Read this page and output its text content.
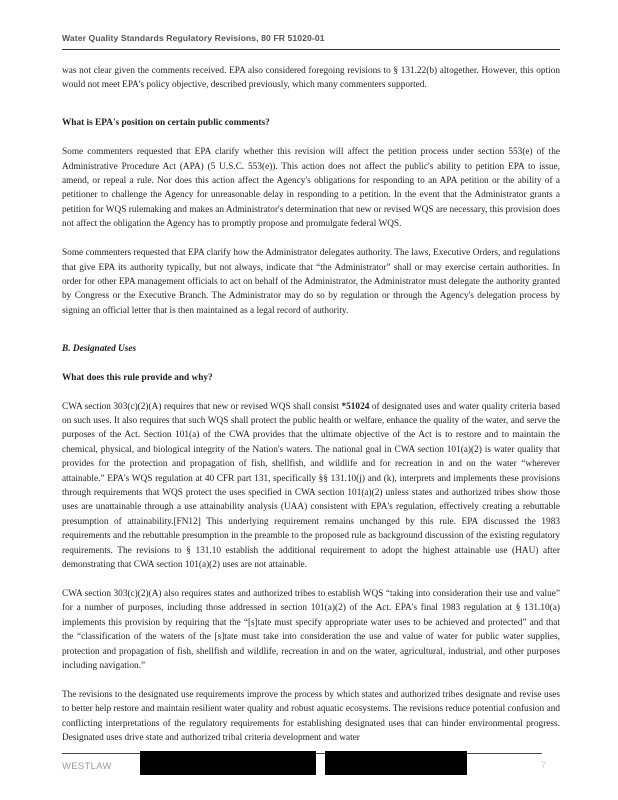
Water Quality Standards Regulatory Revisions, 80 FR 51020-01

was not clear given the comments received. EPA also considered foregoing revisions to § 131.22(b) altogether. However, this option would not meet EPA's policy objective, described previously, which many commenters supported.

What is EPA's position on certain public comments?

Some commenters requested that EPA clarify whether this revision will affect the petition process under section 553(e) of the Administrative Procedure Act (APA) (5 U.S.C. 553(e)). This action does not affect the public's ability to petition EPA to issue, amend, or repeal a rule. Nor does this action affect the Agency's obligations for responding to an APA petition or the ability of a petitioner to challenge the Agency for unreasonable delay in responding to a petition. In the event that the Administrator grants a petition for WQS rulemaking and makes an Administrator's determination that new or revised WQS are necessary, this provision does not affect the obligation the Agency has to promptly propose and promulgate federal WQS.

Some commenters requested that EPA clarify how the Administrator delegates authority. The laws, Executive Orders, and regulations that give EPA its authority typically, but not always, indicate that “the Administrator” shall or may exercise certain authorities. In order for other EPA management officials to act on behalf of the Administrator, the Administrator must delegate the authority granted by Congress or the Executive Branch. The Administrator may do so by regulation or through the Agency's delegation process by signing an official letter that is then maintained as a legal record of authority.

B. Designated Uses

What does this rule provide and why?

CWA section 303(c)(2)(A) requires that new or revised WQS shall consist *51024 of designated uses and water quality criteria based on such uses. It also requires that such WQS shall protect the public health or welfare, enhance the quality of the water, and serve the purposes of the Act. Section 101(a) of the CWA provides that the ultimate objective of the Act is to restore and to maintain the chemical, physical, and biological integrity of the Nation's waters. The national goal in CWA section 101(a)(2) is water quality that provides for the protection and propagation of fish, shellfish, and wildlife and for recreation in and on the water “wherever attainable.” EPA's WQS regulation at 40 CFR part 131, specifically §§ 131.10(j) and (k), interprets and implements these provisions through requirements that WQS protect the uses specified in CWA section 101(a)(2) unless states and authorized tribes show those uses are unattainable through a use attainability analysis (UAA) consistent with EPA's regulation, effectively creating a rebuttable presumption of attainability.[FN12] This underlying requirement remains unchanged by this rule. EPA discussed the 1983 requirements and the rebuttable presumption in the preamble to the proposed rule as background discussion of the existing regulatory requirements. The revisions to § 131.10 establish the additional requirement to adopt the highest attainable use (HAU) after demonstrating that CWA section 101(a)(2) uses are not attainable.

CWA section 303(c)(2)(A) also requires states and authorized tribes to establish WQS “taking into consideration their use and value” for a number of purposes, including those addressed in section 101(a)(2) of the Act. EPA's final 1983 regulation at § 131.10(a) implements this provision by requiring that the “[s]tate must specify appropriate water uses to be achieved and protected” and that the “classification of the waters of the [s]tate must take into consideration the use and value of water for public water supplies, protection and propagation of fish, shellfish and wildlife, recreation in and on the water, agricultural, industrial, and other purposes including navigation.”

The revisions to the designated use requirements improve the process by which states and authorized tribes designate and revise uses to better help restore and maintain resilient water quality and robust aquatic ecosystems. The revisions reduce potential confusion and conflicting interpretations of the regulatory requirements for establishing designated uses that can hinder environmental progress. Designated uses drive state and authorized tribal criteria development and water

WESTLAW	7
